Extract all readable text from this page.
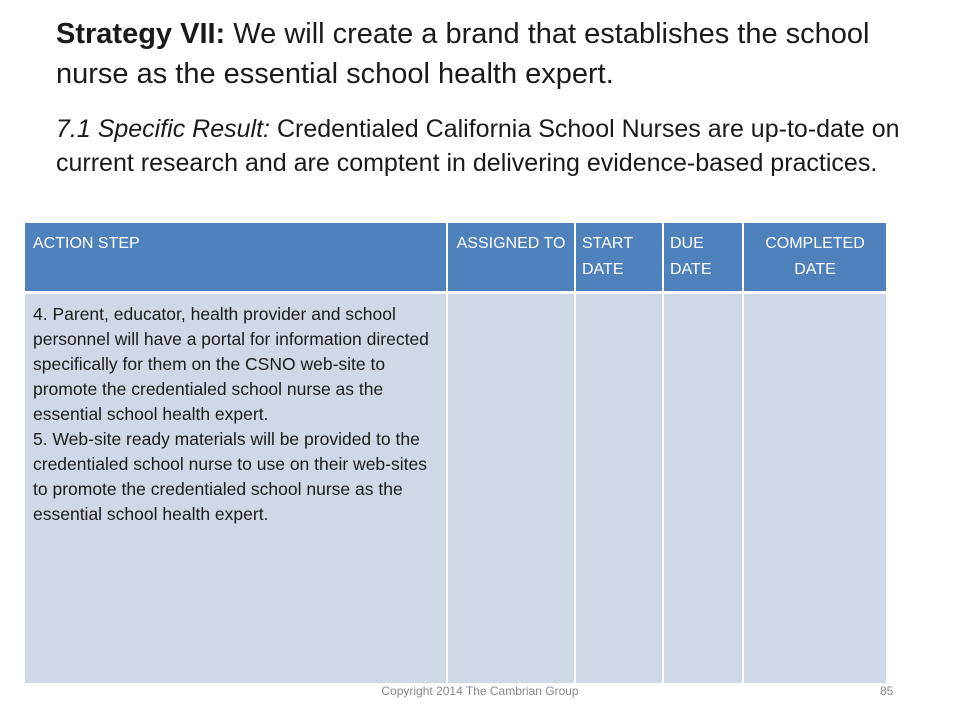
Strategy VII: We will create a brand that establishes the school nurse as the essential school health expert.
7.1 Specific Result: Credentialed California School Nurses are up-to-date on current research and are comptent in delivering evidence-based practices.
ACTION STEP	ASSIGNED TO	START DATE	DUE DATE	COMPLETED DATE

4. Parent, educator, health provider and school personnel will have a portal for information directed specifically for them on the CSNO web-site to promote the credentialed school nurse as the essential school health expert.

5. Web-site ready materials will be provided to the credentialed school nurse to use on their web-sites to promote the credentialed school nurse as the essential school health expert.				

Copyright 2014 The Cambrian Group	85
